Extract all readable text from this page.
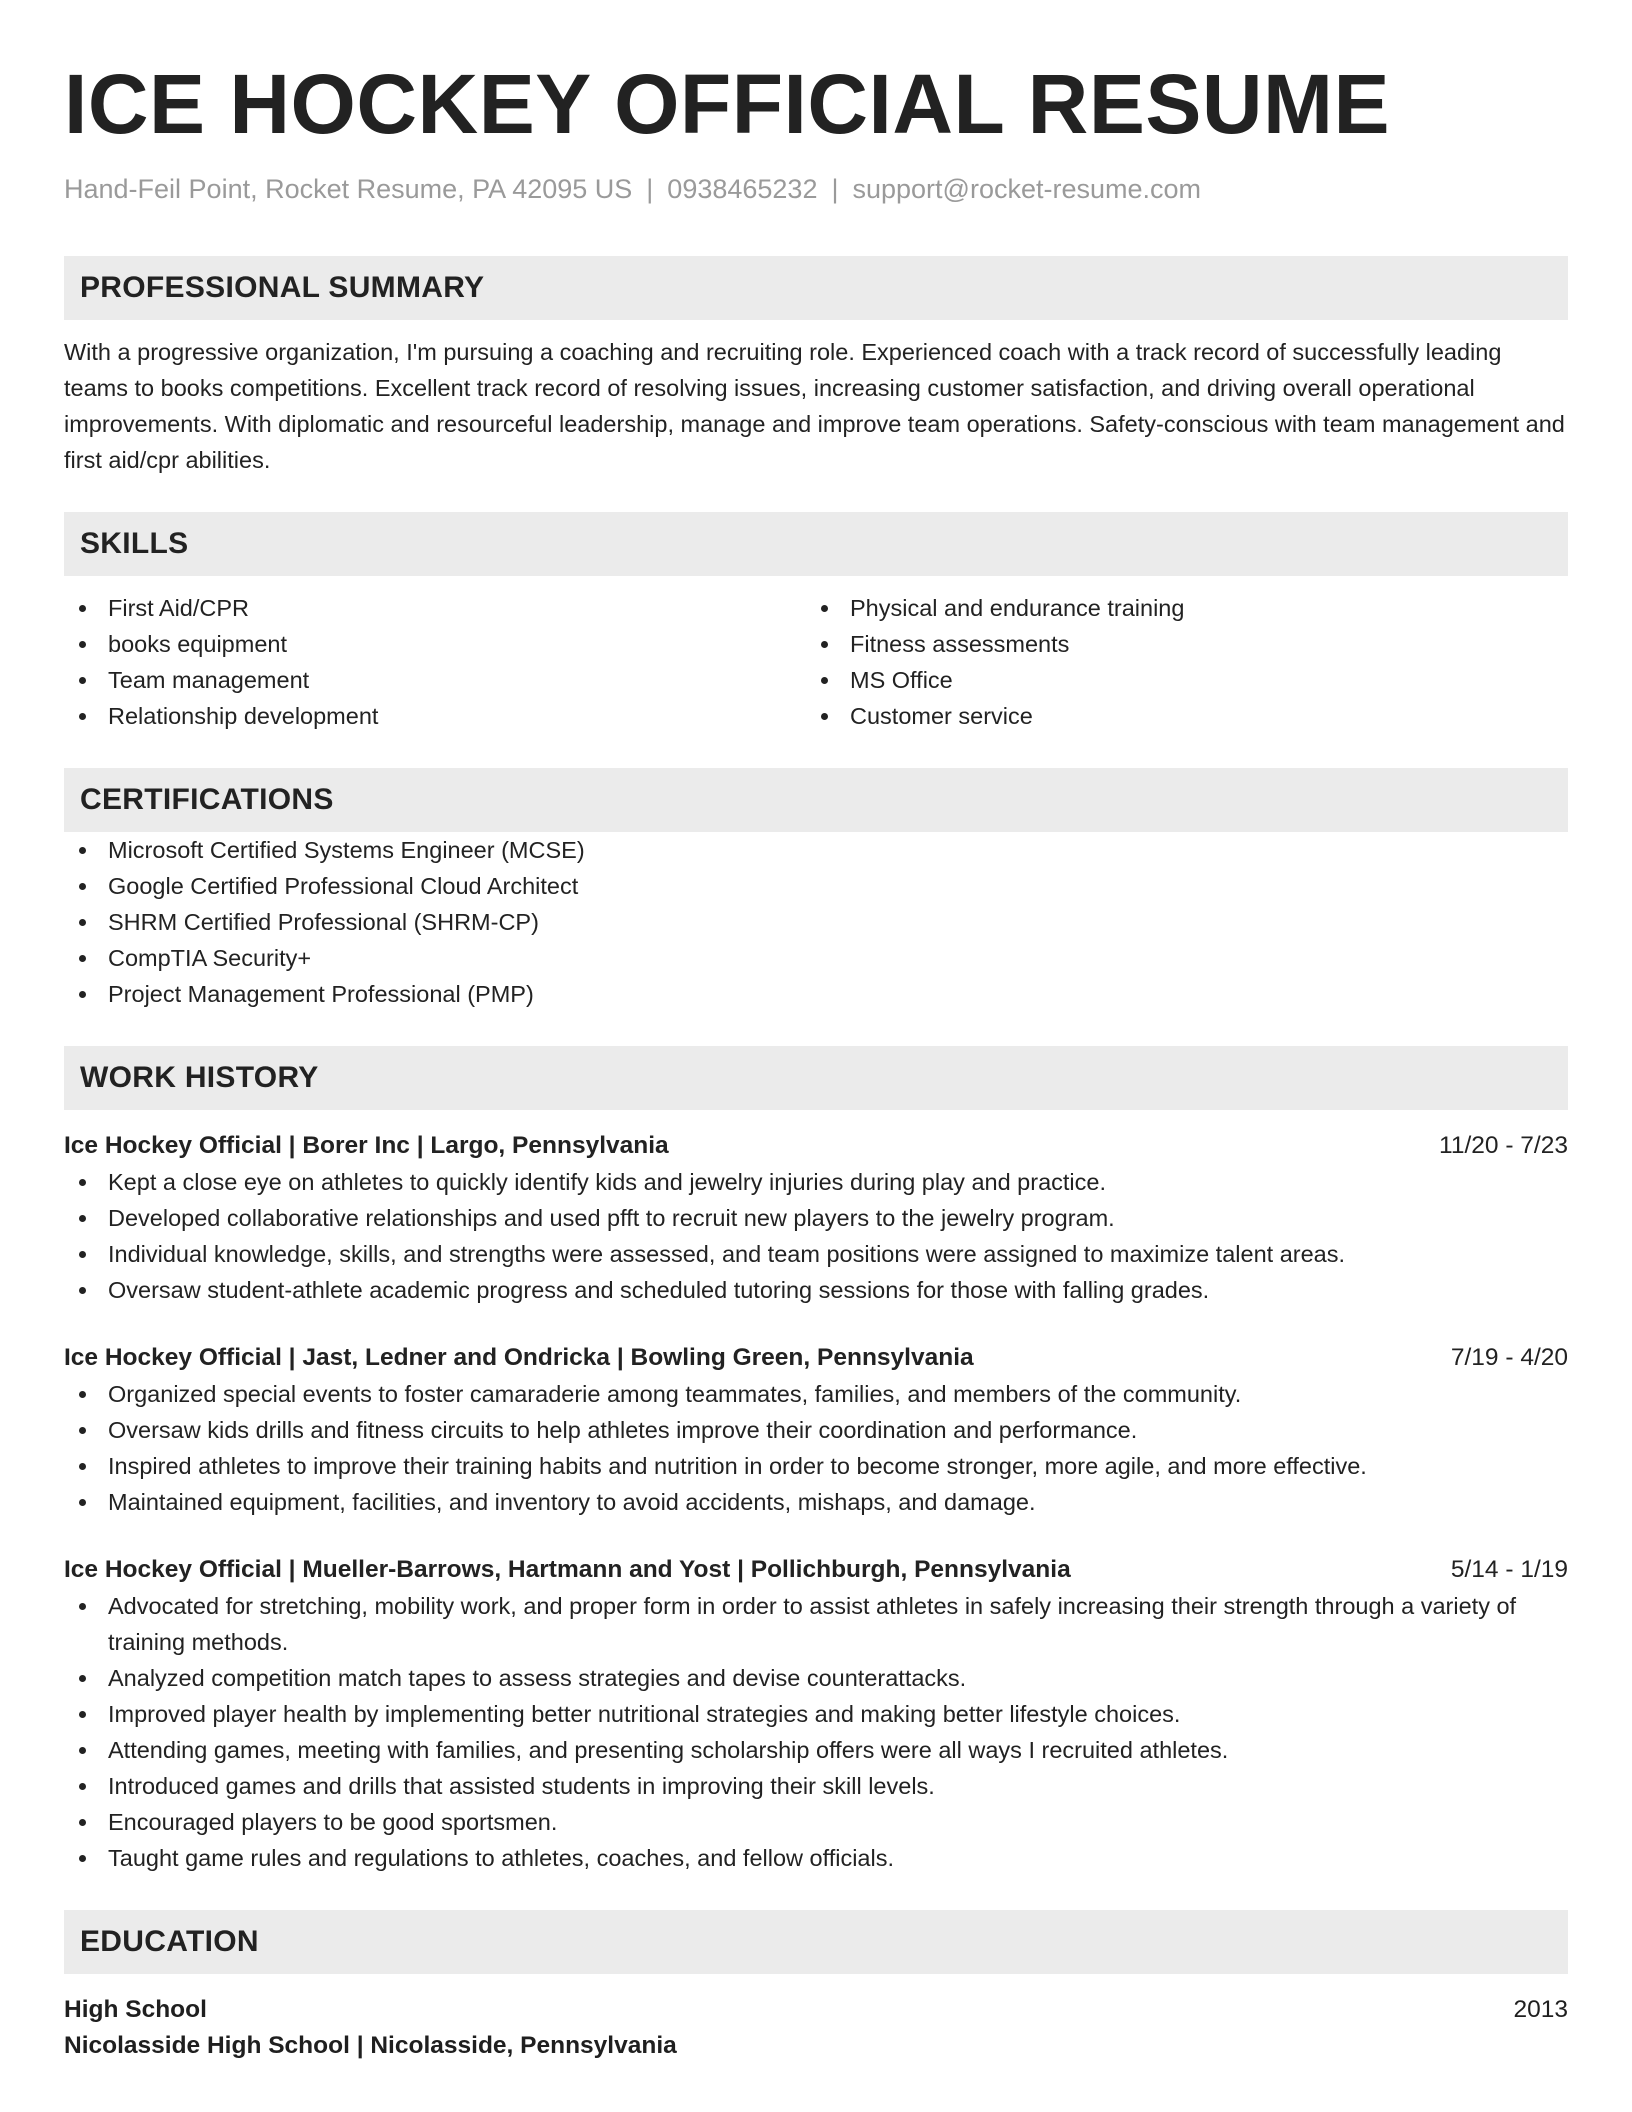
ICE HOCKEY OFFICIAL RESUME
Hand-Feil Point, Rocket Resume, PA 42095 US | 0938465232 | support@rocket-resume.com
PROFESSIONAL SUMMARY

With a progressive organization, I'm pursuing a coaching and recruiting role. Experienced coach with a track record of successfully leading teams to books competitions. Excellent track record of resolving issues, increasing customer satisfaction, and driving overall operational improvements. With diplomatic and resourceful leadership, manage and improve team operations. Safety-conscious with team management and first aid/cpr abilities.

SKILLS
First Aid/CPR
books equipment
Team management
Relationship development
Physical and endurance training
Fitness assessments
MS Office
Customer service
CERTIFICATIONS
Microsoft Certified Systems Engineer (MCSE)
Google Certified Professional Cloud Architect
SHRM Certified Professional (SHRM-CP)
CompTIA Security+
Project Management Professional (PMP)
WORK HISTORY
Ice Hockey Official | Borer Inc | Largo, Pennsylvania	11/20 - 7/23
Kept a close eye on athletes to quickly identify kids and jewelry injuries during play and practice.
Developed collaborative relationships and used pfft to recruit new players to the jewelry program.
Individual knowledge, skills, and strengths were assessed, and team positions were assigned to maximize talent areas.
Oversaw student-athlete academic progress and scheduled tutoring sessions for those with falling grades.
Ice Hockey Official | Jast, Ledner and Ondricka | Bowling Green, Pennsylvania	7/19 - 4/20
Organized special events to foster camaraderie among teammates, families, and members of the community.
Oversaw kids drills and fitness circuits to help athletes improve their coordination and performance.
Inspired athletes to improve their training habits and nutrition in order to become stronger, more agile, and more effective.
Maintained equipment, facilities, and inventory to avoid accidents, mishaps, and damage.
Ice Hockey Official | Mueller-Barrows, Hartmann and Yost | Pollichburgh, Pennsylvania	5/14 - 1/19
Advocated for stretching, mobility work, and proper form in order to assist athletes in safely increasing their strength through a variety of training methods.
Analyzed competition match tapes to assess strategies and devise counterattacks.
Improved player health by implementing better nutritional strategies and making better lifestyle choices.
Attending games, meeting with families, and presenting scholarship offers were all ways I recruited athletes.
Introduced games and drills that assisted students in improving their skill levels.
Encouraged players to be good sportsmen.
Taught game rules and regulations to athletes, coaches, and fellow officials.
EDUCATION
High School	2013
Nicolasside High School | Nicolasside, Pennsylvania
